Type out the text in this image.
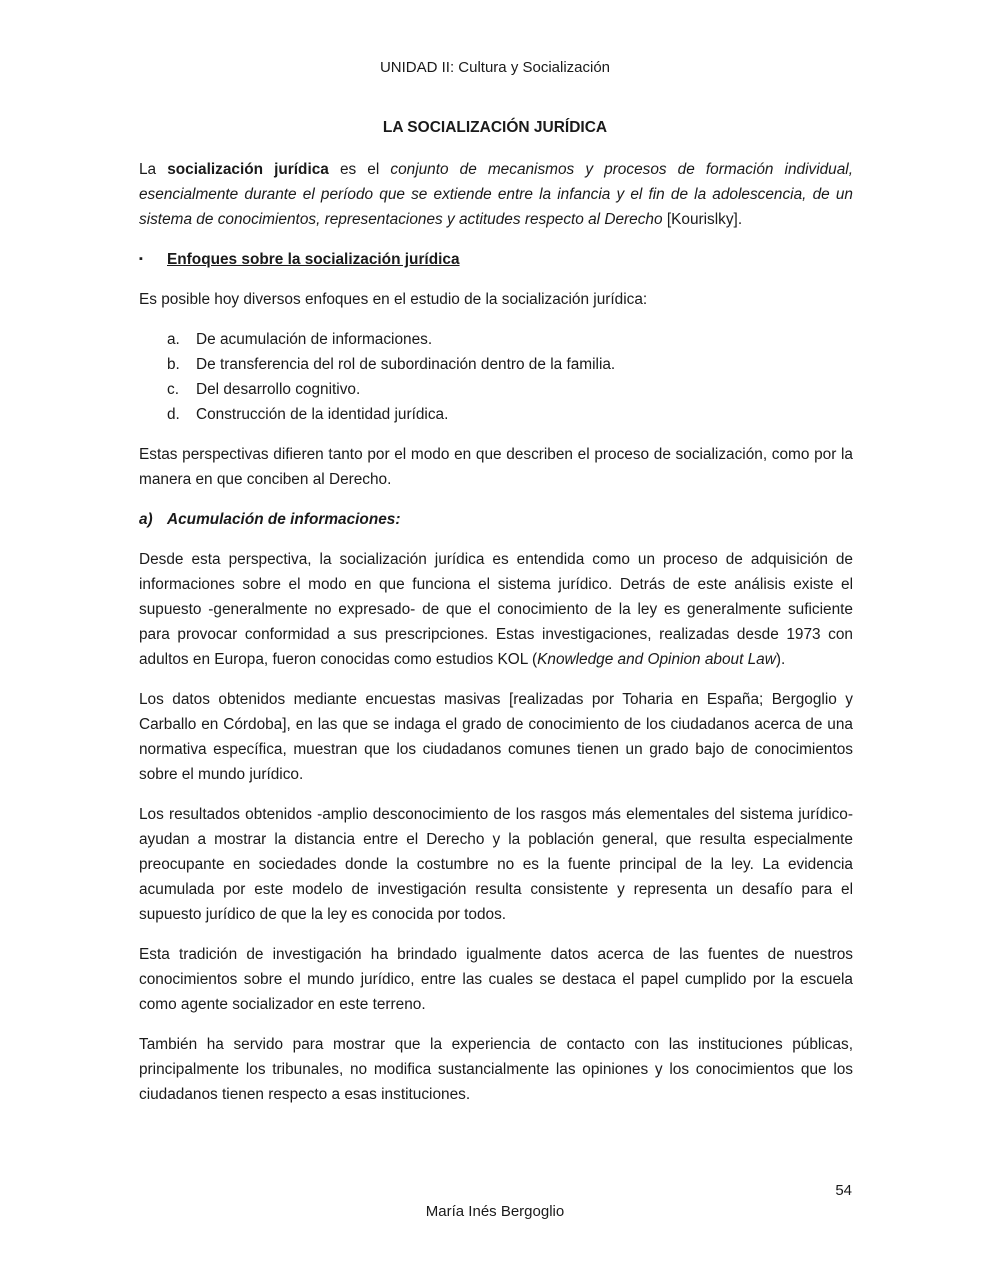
UNIDAD II: Cultura y Socialización
LA SOCIALIZACIÓN JURÍDICA

La socialización jurídica es el conjunto de mecanismos y procesos de formación individual, esencialmente durante el período que se extiende entre la infancia y el fin de la adolescencia, de un sistema de conocimientos, representaciones y actitudes respecto al Derecho [Kourislky].

▪	Enfoques sobre la socialización jurídica

Es posible hoy diversos enfoques en el estudio de la socialización jurídica:

a.	De acumulación de informaciones.
b.	De transferencia del rol de subordinación dentro de la familia.
c.	Del desarrollo cognitivo.
d.	Construcción de la identidad jurídica.

Estas perspectivas difieren tanto por el modo en que describen el proceso de socialización, como por la manera en que conciben al Derecho.

a) Acumulación de informaciones:

Desde esta perspectiva, la socialización jurídica es entendida como un proceso de adquisición de informaciones sobre el modo en que funciona el sistema jurídico. Detrás de este análisis existe el supuesto -generalmente no expresado- de que el conocimiento de la ley es generalmente suficiente para provocar conformidad a sus prescripciones. Estas investigaciones, realizadas desde 1973 con adultos en Europa, fueron conocidas como estudios KOL (Knowledge and Opinion about Law).

Los datos obtenidos mediante encuestas masivas [realizadas por Toharia en España; Bergoglio y Carballo en Córdoba], en las que se indaga el grado de conocimiento de los ciudadanos acerca de una normativa específica, muestran que los ciudadanos comunes tienen un grado bajo de conocimientos sobre el mundo jurídico.

Los resultados obtenidos -amplio desconocimiento de los rasgos más elementales del sistema jurídico- ayudan a mostrar la distancia entre el Derecho y la población general, que resulta especialmente preocupante en sociedades donde la costumbre no es la fuente principal de la ley. La evidencia acumulada por este modelo de investigación resulta consistente y representa un desafío para el supuesto jurídico de que la ley es conocida por todos.

Esta tradición de investigación ha brindado igualmente datos acerca de las fuentes de nuestros conocimientos sobre el mundo jurídico, entre las cuales se destaca el papel cumplido por la escuela como agente socializador en este terreno.

También ha servido para mostrar que la experiencia de contacto con las instituciones públicas, principalmente los tribunales, no modifica sustancialmente las opiniones y los conocimientos que los ciudadanos tienen respecto a esas instituciones.

54
María Inés Bergoglio
